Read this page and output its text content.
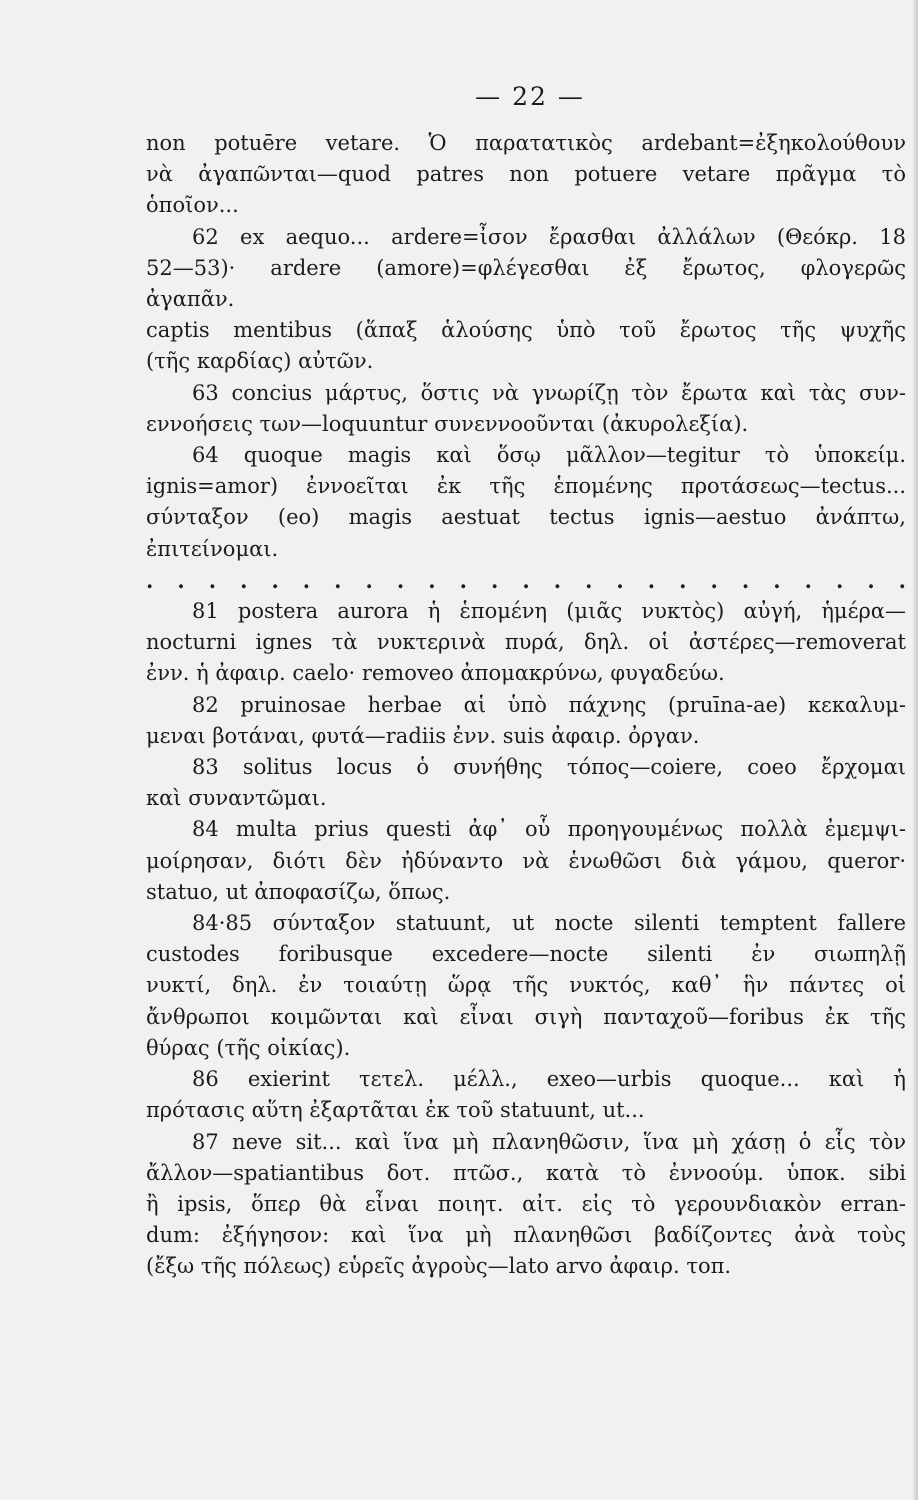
— 22 —
non potuēre vetare. Ὁ παρατατικὸς ardebant=ἐξηκολούθουν
νὰ ἀγαπῶνται—quod patres non potuere vetare πρᾶγμα τὸ
ὁποῖον...
62 ex aequo... ardere=ἶσον ἔρασθαι ἀλλάλων (Θεόκρ. 18
52—53)· ardere (amore)=φλέγεσθαι ἐξ ἔρωτος, φλογερῶς
ἀγαπᾶν.
captis mentibus (ἅπαξ ἁλούσης ὑπὸ τοῦ ἔρωτος τῆς ψυχῆς
(τῆς καρδίας) αὐτῶν.
63 concius μάρτυς, ὅστις νὰ γνωρίζῃ τὸν ἔρωτα καὶ τὰς συν-
εννοήσεις των—loquuntur συνεννοοῦνται (ἀκυρολεξία).
64 quoque magis καὶ ὅσῳ μᾶλλον—tegitur τὸ ὑποκείμ.
ignis=amor) ἐννοεῖται ἐκ τῆς ἑπομένης προτάσεως—tectus...
σύνταξον (eo) magis aestuat tectus ignis—aestuo ἀνάπτω,
ἐπιτείνομαι.
. . . . . . . . . . . . . . . . . . . . . . . . .
81 postera aurora ἡ ἑπομένη (μιᾶς νυκτὸς) αὐγή, ἡμέρα—
nocturni ignes τὰ νυκτερινὰ πυρά, δηλ. οἱ ἀστέρες—removerat
ἐνν. ἡ ἀφαιρ. caelo· removeo ἀπομακρύνω, φυγαδεύω.
82 pruinosae herbae αἱ ὑπὸ πάχνης (pruīna-ae) κεκαλυμ-
μεναι βοτάναι, φυτά—radiis ἐνν. suis ἀφαιρ. ὀργαν.
83 solitus locus ὁ συνήθης τόπος—coiere, coeo ἔρχομαι
καὶ συναντῶμαι.
84 multa prius questi ἀφ᾽ οὗ προηγουμένως πολλὰ ἐμεμψι-
μοίρησαν, διότι δὲν ἠδύναντο νὰ ἑνωθῶσι διὰ γάμου, queror·
statuo, ut ἀποφασίζω, ὅπως.
84·85 σύνταξον statuunt, ut nocte silenti temptent fallere
custodes foribusque excedere—nocte silenti ἐν σιωπηλῇ
νυκτί, δηλ. ἐν τοιαύτῃ ὥρᾳ τῆς νυκτός, καθ᾽ ἣν πάντες οἱ
ἄνθρωποι κοιμῶνται καὶ εἶναι σιγὴ πανταχοῦ—foribus ἐκ τῆς
θύρας (τῆς οἰκίας).
86 exierint τετελ. μέλλ., exeo—urbis quoque... καὶ ἡ
πρότασις αὕτη ἐξαρτᾶται ἐκ τοῦ statuunt, ut...
87 neve sit... καὶ ἵνα μὴ πλανηθῶσιν, ἵνα μὴ χάσῃ ὁ εἷς τὸν
ἄλλον—spatiantibus δοτ. πτῶσ., κατὰ τὸ ἐννοούμ. ὑποκ. sibi
ἢ ipsis, ὅπερ θὰ εἶναι ποιητ. αἰτ. εἰς τὸ γερουνδιακὸν erran-
dum: ἐξήγησον: καὶ ἵνα μὴ πλανηθῶσι βαδίζοντες ἀνὰ τοὺς
(ἔξω τῆς πόλεως) εὑρεῖς ἀγροὺς—lato arvo ἀφαιρ. τοπ.
